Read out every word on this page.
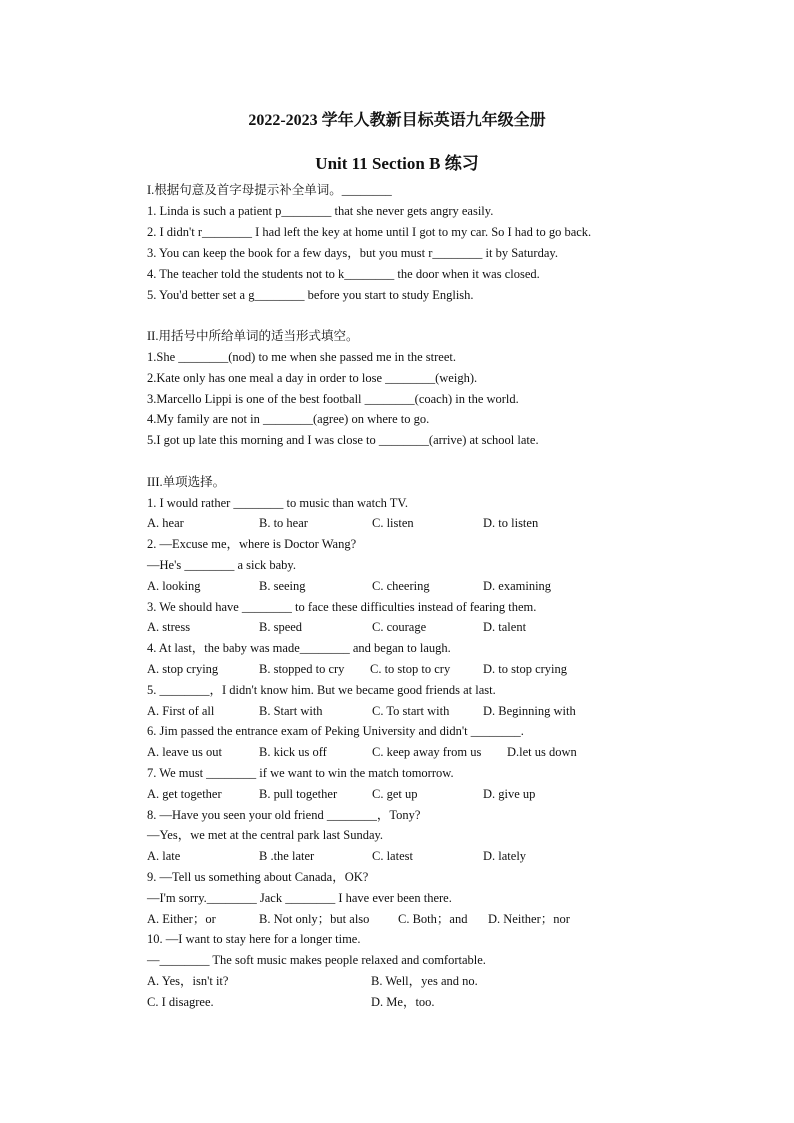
2022-2023 学年人教新目标英语九年级全册
Unit 11 Section B 练习
I.根据句意及首字母提示补全单词。________
1. Linda is such a patient p________ that she never gets angry easily.
2. I didn't r________ I had left the key at home until I got to my car. So I had to go back.
3. You can keep the book for a few days，but you must r________ it by Saturday.
4. The teacher told the students not to k________ the door when it was closed.
5. You'd better set a g________ before you start to study English.
II.用括号中所给单词的适当形式填空。
1.She ________(nod) to me when she passed me in the street.
2.Kate only has one meal a day in order to lose ________(weigh).
3.Marcello Lippi is one of the best football ________(coach) in the world.
4.My family are not in ________(agree) on where to go.
5.I got up late this morning and I was close to ________(arrive) at school late.
III.单项选择。
1. I would rather ________ to music than watch TV.
A. hear	B. to hear	C. listen	D. to listen
2. —Excuse me，where is Doctor Wang?
—He's ________ a sick baby.
A. looking	B. seeing	C. cheering	D. examining
3. We should have ________ to face these difficulties instead of fearing them.
A. stress	B. speed	C. courage	D. talent
4. At last，the baby was made________ and began to laugh.
A. stop crying	B. stopped to cry C. to stop to cry	D. to stop crying
5. ________，I didn't know him. But we became good friends at last.
A. First of all	B. Start with	C. To start with	D. Beginning with
6. Jim passed the entrance exam of Peking University and didn't ________.
A. leave us out	B. kick us off	C. keep away from us D.let us down
7. We must ________ if we want to win the match tomorrow.
A. get together	B. pull together	C. get up	D. give up
8. —Have you seen your old friend ________，Tony?
—Yes，we met at the central park last Sunday.
A. late	B .the later	C. latest	D. lately
9. —Tell us something about Canada，OK?
—I'm sorry.________ Jack ________ I have ever been there.
A. Either；or	B. Not only；but also C. Both；and D. Neither；nor
10. —I want to stay here for a longer time.
—________ The soft music makes people relaxed and comfortable.
A. Yes，isn't it?	B. Well，yes and no.
C. I disagree.	D. Me，too.
